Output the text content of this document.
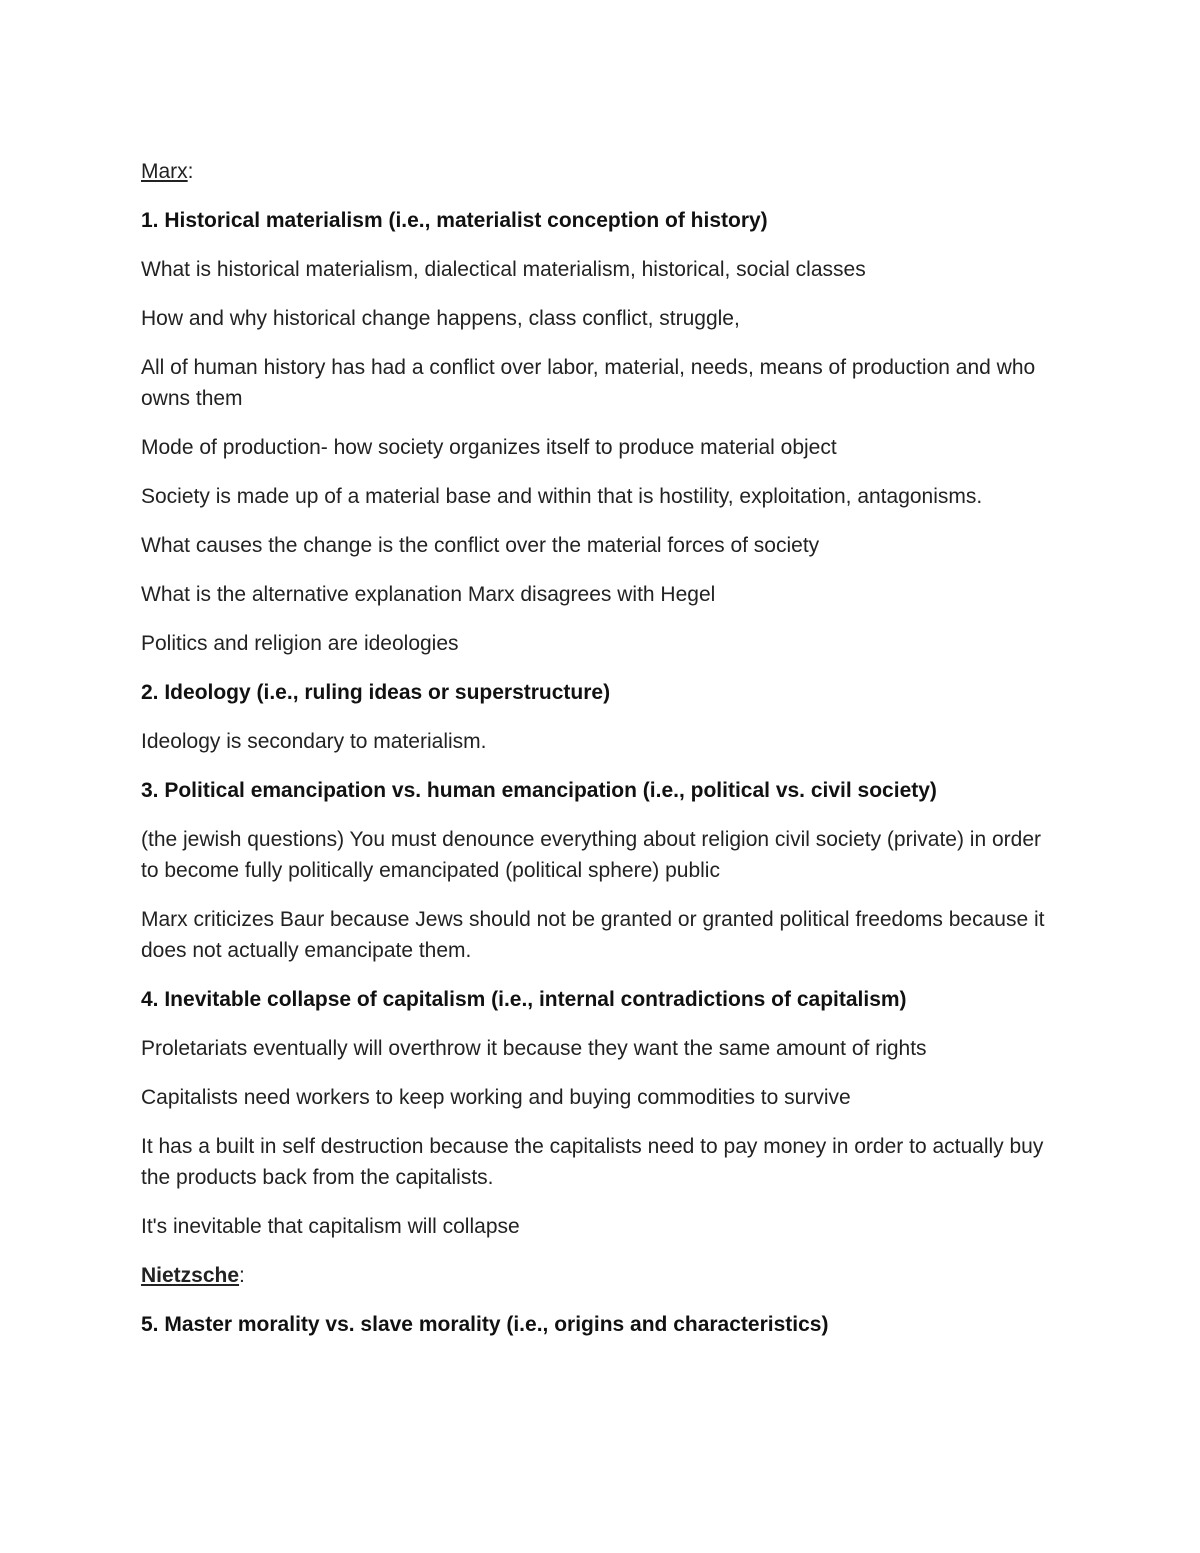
Marx:
1. Historical materialism (i.e., materialist conception of history)
What is historical materialism, dialectical materialism, historical, social classes
How and why historical change happens, class conflict, struggle,
All of human history has had a conflict over labor, material, needs, means of production and who owns them
Mode of production- how society organizes itself to produce material object
Society is made up of a material base and within that is hostility, exploitation, antagonisms.
What causes the change is the conflict over the material forces of society
What is the alternative explanation Marx disagrees with Hegel
Politics and religion are ideologies
2. Ideology (i.e., ruling ideas or superstructure)
Ideology is secondary to materialism.
3. Political emancipation vs. human emancipation (i.e., political vs. civil society)
(the jewish questions) You must denounce everything about religion civil society (private) in order to become fully politically emancipated (political sphere) public
Marx criticizes Baur because Jews should not be granted or granted political freedoms because it does not actually emancipate them.
4. Inevitable collapse of capitalism (i.e., internal contradictions of capitalism)
Proletariats eventually will overthrow it because they want the same amount of rights
Capitalists need workers to keep working and buying commodities to survive
It has a built in self destruction because the capitalists need to pay money in order to actually buy the products back from the capitalists.
It's inevitable that capitalism will collapse
Nietzsche:
5. Master morality vs. slave morality (i.e., origins and characteristics)
